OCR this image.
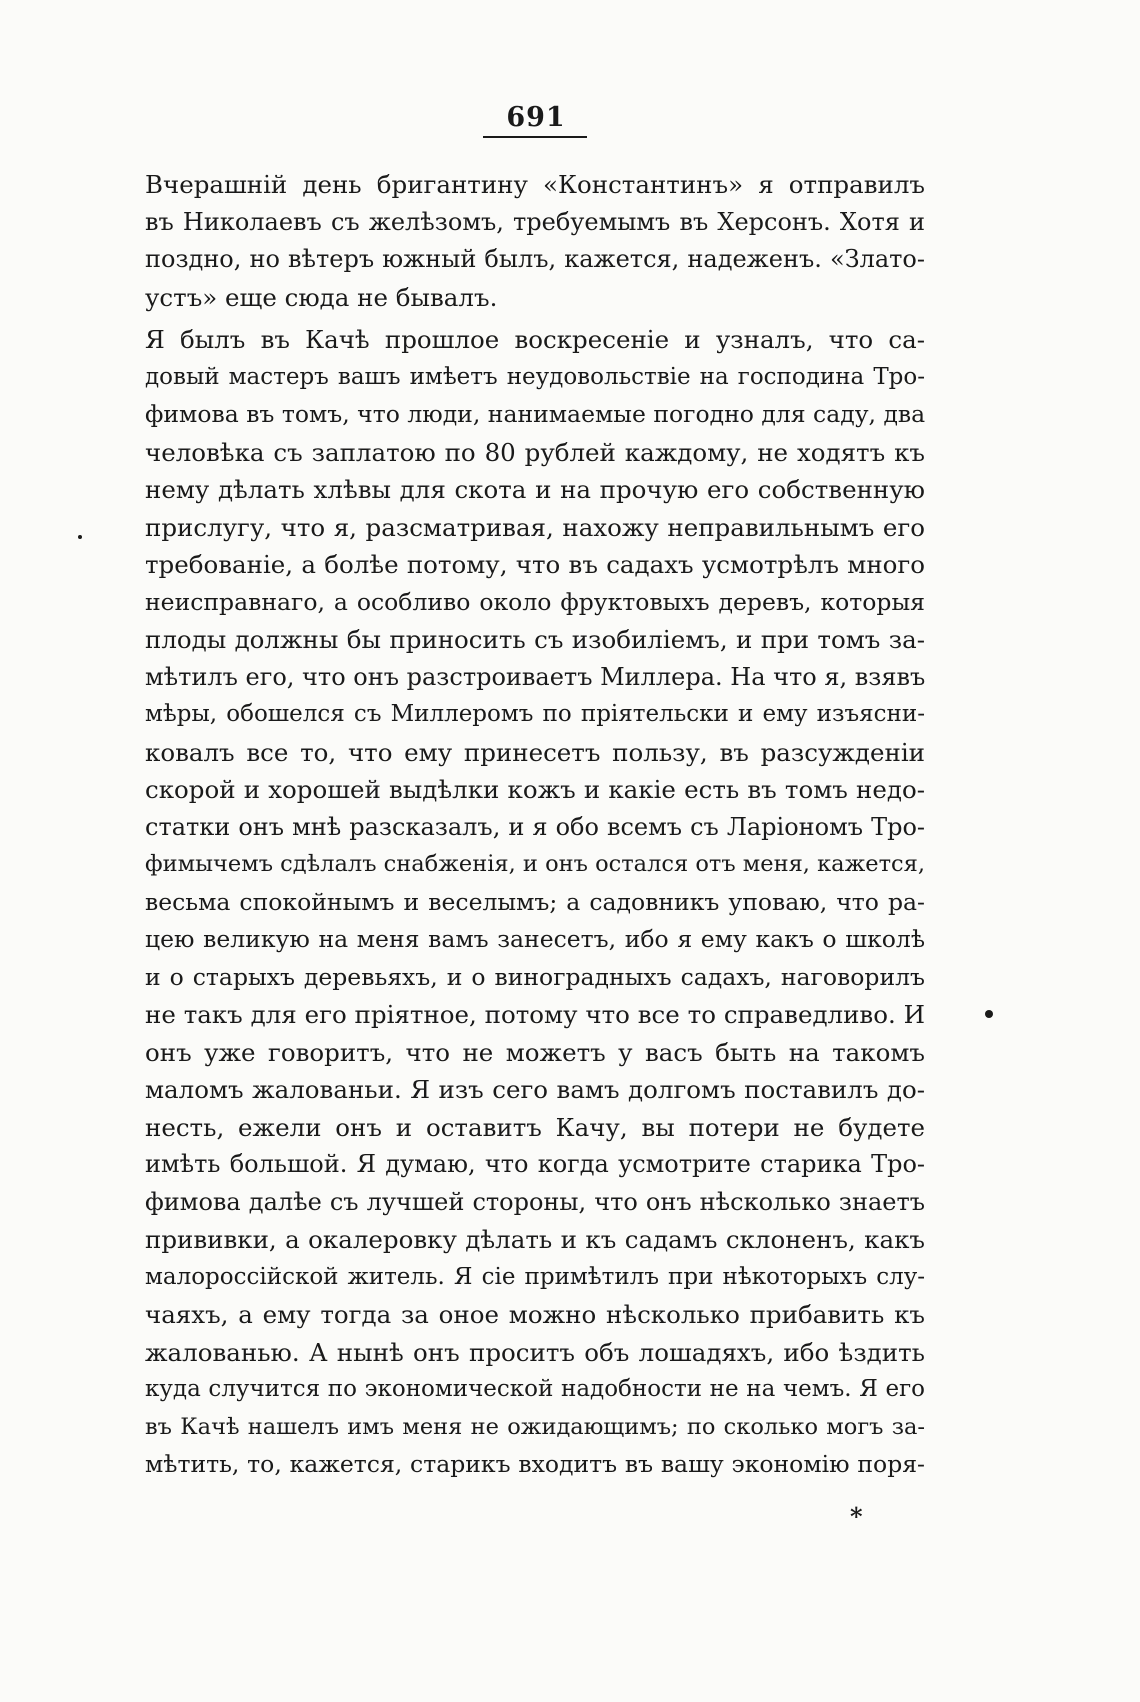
691
Вчерашній день бригантину «Константинъ» я отправилъ
въ Николаевъ съ желѣзомъ, требуемымъ въ Херсонъ. Хотя и
поздно, но вѣтеръ южный былъ, кажется, надеженъ. «Злато-
устъ» еще сюда не бывалъ.
Я былъ въ Качѣ прошлое воскресеніе и узналъ, что са-
довый мастеръ вашъ имѣетъ неудовольствіе на господина Тро-
фимова въ томъ, что люди, нанимаемые погодно для саду, два
человѣка съ заплатою по 80 рублей каждому, не ходятъ къ
нему дѣлать хлѣвы для скота и на прочую его собственную
прислугу, что я, разсматривая, нахожу неправильнымъ его
требованіе, а болѣе потому, что въ садахъ усмотрѣлъ много
неисправнаго, а особливо около фруктовыхъ деревъ, которыя
плоды должны бы приносить съ изобиліемъ, и при томъ за-
мѣтилъ его, что онъ разстроиваетъ Миллера. На что я, взявъ
мѣры, обошелся съ Миллеромъ по пріятельски и ему изъясни-
ковалъ все то, что ему принесетъ пользу, въ разсужденіи
скорой и хорошей выдѣлки кожъ и какіе есть въ томъ недо-
статки онъ мнѣ разсказалъ, и я обо всемъ съ Ларіономъ Тро-
фимычемъ сдѣлалъ снабженія, и онъ остался отъ меня, кажется,
весьма спокойнымъ и веселымъ; а садовникъ уповаю, что ра-
цею великую на меня вамъ занесетъ, ибо я ему какъ о школѣ
и о старыхъ деревьяхъ, и о виноградныхъ садахъ, наговорилъ
не такъ для его пріятное, потому что все то справедливо. И
онъ уже говоритъ, что не можетъ у васъ быть на такомъ
маломъ жалованьи. Я изъ сего вамъ долгомъ поставилъ до-
несть, ежели онъ и оставитъ Качу, вы потери не будете
имѣть большой. Я думаю, что когда усмотрите старика Тро-
фимова далѣе съ лучшей стороны, что онъ нѣсколько знаетъ
прививки, а окалеровку дѣлать и къ садамъ склоненъ, какъ
малороссійской житель. Я сіе примѣтилъ при нѣкоторыхъ слу-
чаяхъ, а ему тогда за оное можно нѣсколько прибавить къ
жалованью. А нынѣ онъ проситъ объ лошадяхъ, ибо ѣздить
куда случится по экономической надобности не на чемъ. Я его
въ Качѣ нашелъ имъ меня не ожидающимъ; по сколько могъ за-
мѣтить, то, кажется, старикъ входитъ въ вашу экономію поря-
*
